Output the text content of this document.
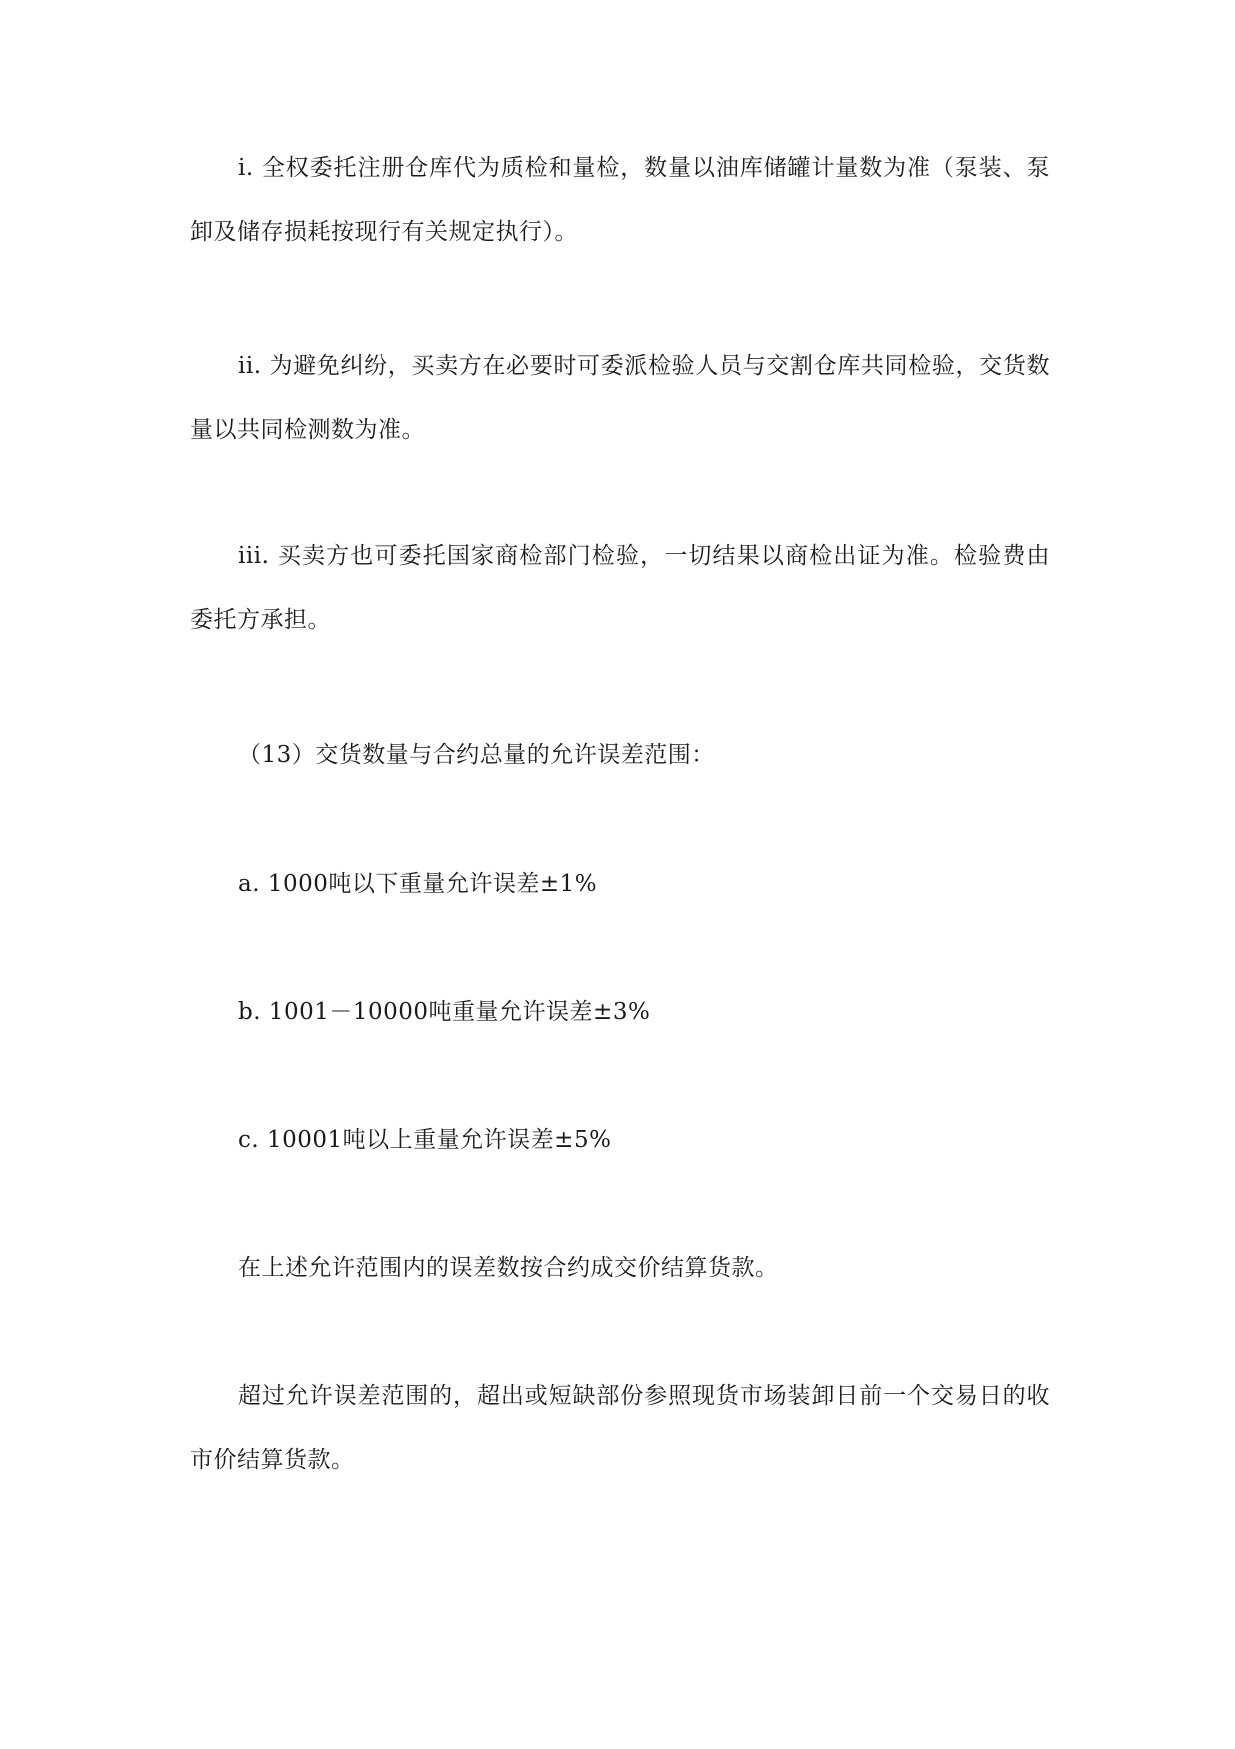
i. 全权委托注册仓库代为质检和量检，数量以油库储罐计量数为准（泵装、泵卸及储存损耗按现行有关规定执行）。

ii. 为避免纠纷，买卖方在必要时可委派检验人员与交割仓库共同检验，交货数量以共同检测数为准。

iii. 买卖方也可委托国家商检部门检验，一切结果以商检出证为准。检验费由委托方承担。

（13）交货数量与合约总量的允许误差范围：

a. 1000吨以下重量允许误差±1%

b. 1001－10000吨重量允许误差±3%

c. 10001吨以上重量允许误差±5%

在上述允许范围内的误差数按合约成交价结算货款。

超过允许误差范围的，超出或短缺部份参照现货市场装卸日前一个交易日的收市价结算货款。
